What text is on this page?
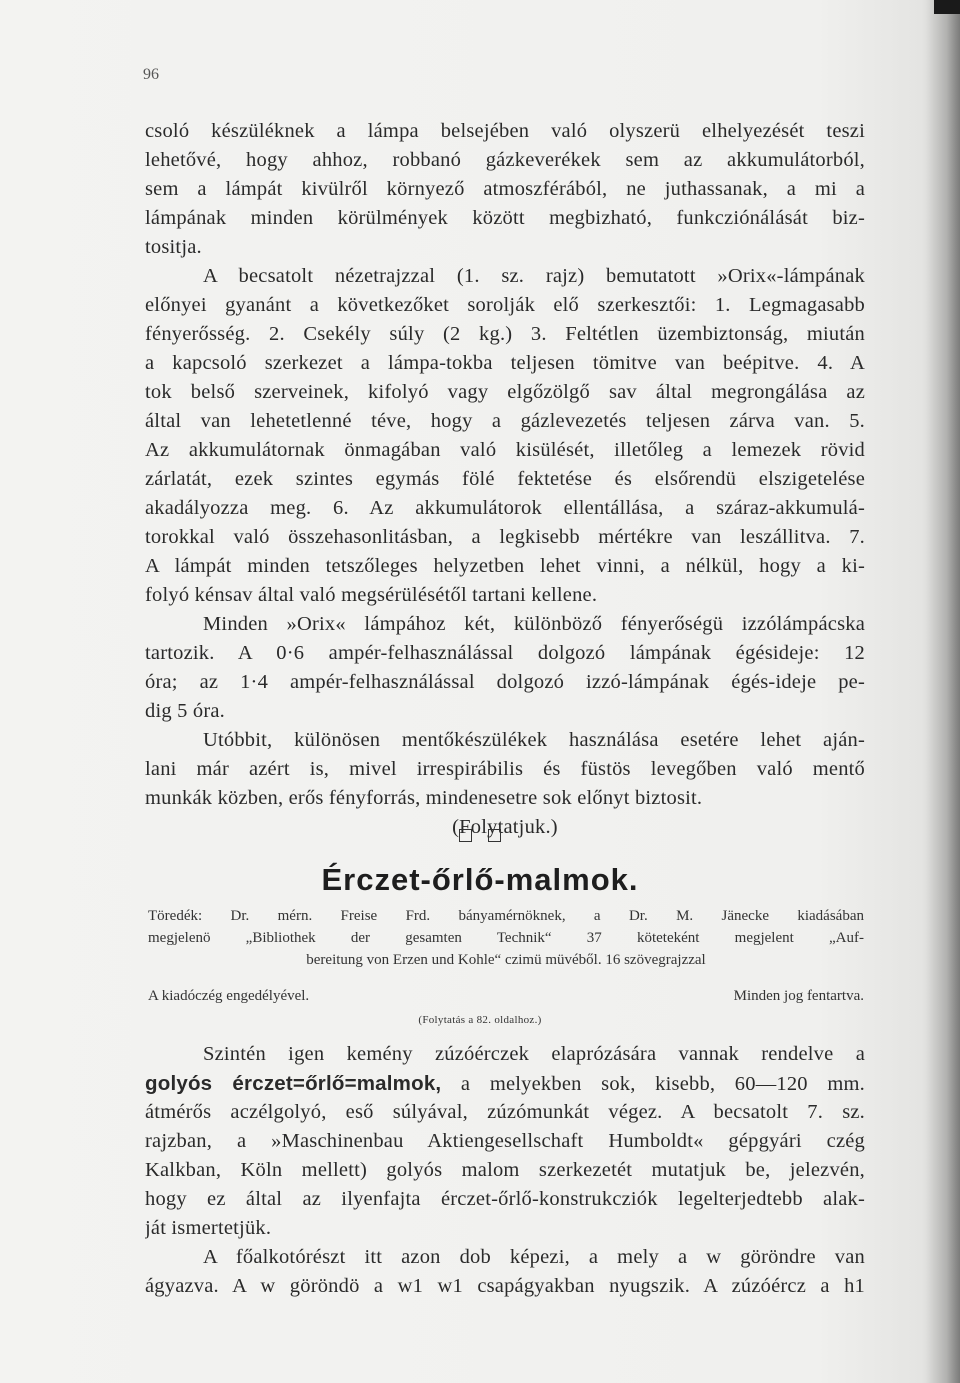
96
csoló készüléknek a lámpa belsejében való olyszerü elhelyezését teszi
lehetővé, hogy ahhoz, robbanó gázkeverékek sem az akkumulátorból,
sem a lámpát kivülről környező atmoszférából, ne juthassanak, a mi a
lámpának minden körülmények között megbizható, funkcziónálását biz-
tositja.
A becsatolt nézetrajzzal (1. sz. rajz) bemutatott »Orix«-lámpának
előnyei gyanánt a következőket sorolják elő szerkesztői: 1. Legmagasabb
fényerősség. 2. Csekély súly (2 kg.) 3. Feltétlen üzembiztonság, miután
a kapcsoló szerkezet a lámpa-tokba teljesen tömitve van beépitve. 4. A
tok belső szerveinek, kifolyó vagy elgőzölgő sav által megrongálása az
által van lehetetlenné téve, hogy a gázlevezetés teljesen zárva van. 5.
Az akkumulátornak önmagában való kisülését, illetőleg a lemezek rövid
zárlatát, ezek szintes egymás fölé fektetése és elsőrendü elszigetelése
akadályozza meg. 6. Az akkumulátorok ellentállása, a száraz-akkumulá-
torokkal való összehasonlitásban, a legkisebb mértékre van leszállitva. 7.
A lámpát minden tetszőleges helyzetben lehet vinni, a nélkül, hogy a ki-
folyó kénsav által való megsérülésétől tartani kellene.
Minden »Orix« lámpához két, különböző fényerőségü izzólámpácska
tartozik. A 0·6 ampér-felhasználással dolgozó lámpának égésideje: 12
óra; az 1·4 ampér-felhasználással dolgozó izzó-lámpának égés-ideje pe-
dig 5 óra.
Utóbbit, különösen mentőkészülékek használása esetére lehet aján-
lani már azért is, mivel irrespirábilis és füstös levegőben való mentő
munkák közben, erős fényforrás, mindenesetre sok előnyt biztosit.
(Folytatjuk.)
Érczet-őrlő-malmok.
Töredék: Dr. mérn. Freise Frd. bányamérnöknek, a Dr. M. Jänecke kiadásában
megjelenö „Bibliothek der gesamten Technik“ 37 köteteként megjelent „Auf-
bereitung von Erzen und Kohle“ czimü müvéből. 16 szövegrajzzal
A kiadóczég engedélyével.	Minden jog fentartva.
(Folytatás a 82. oldalhoz.)
Szintén igen kemény zúzóérczek elaprózására vannak rendelve a
golyós érczet=őrlő=malmok, a melyekben sok, kisebb, 60—120 mm.
átmérős aczélgolyó, eső súlyával, zúzómunkát végez. A becsatolt 7. sz.
rajzban, a »Maschinenbau Aktiengesellschaft Humboldt« gépgyári czég
Kalkban, Köln mellett) golyós malom szerkezetét mutatjuk be, jelezvén,
hogy ez által az ilyenfajta érczet-őrlő-konstrukcziók legelterjedtebb alak-
ját ismertetjük.
A főalkotórészt itt azon dob képezi, a mely a w göröndre van
ágyazva. A w göröndö a w1 w1 csapágyakban nyugszik. A zúzóércz a h1
